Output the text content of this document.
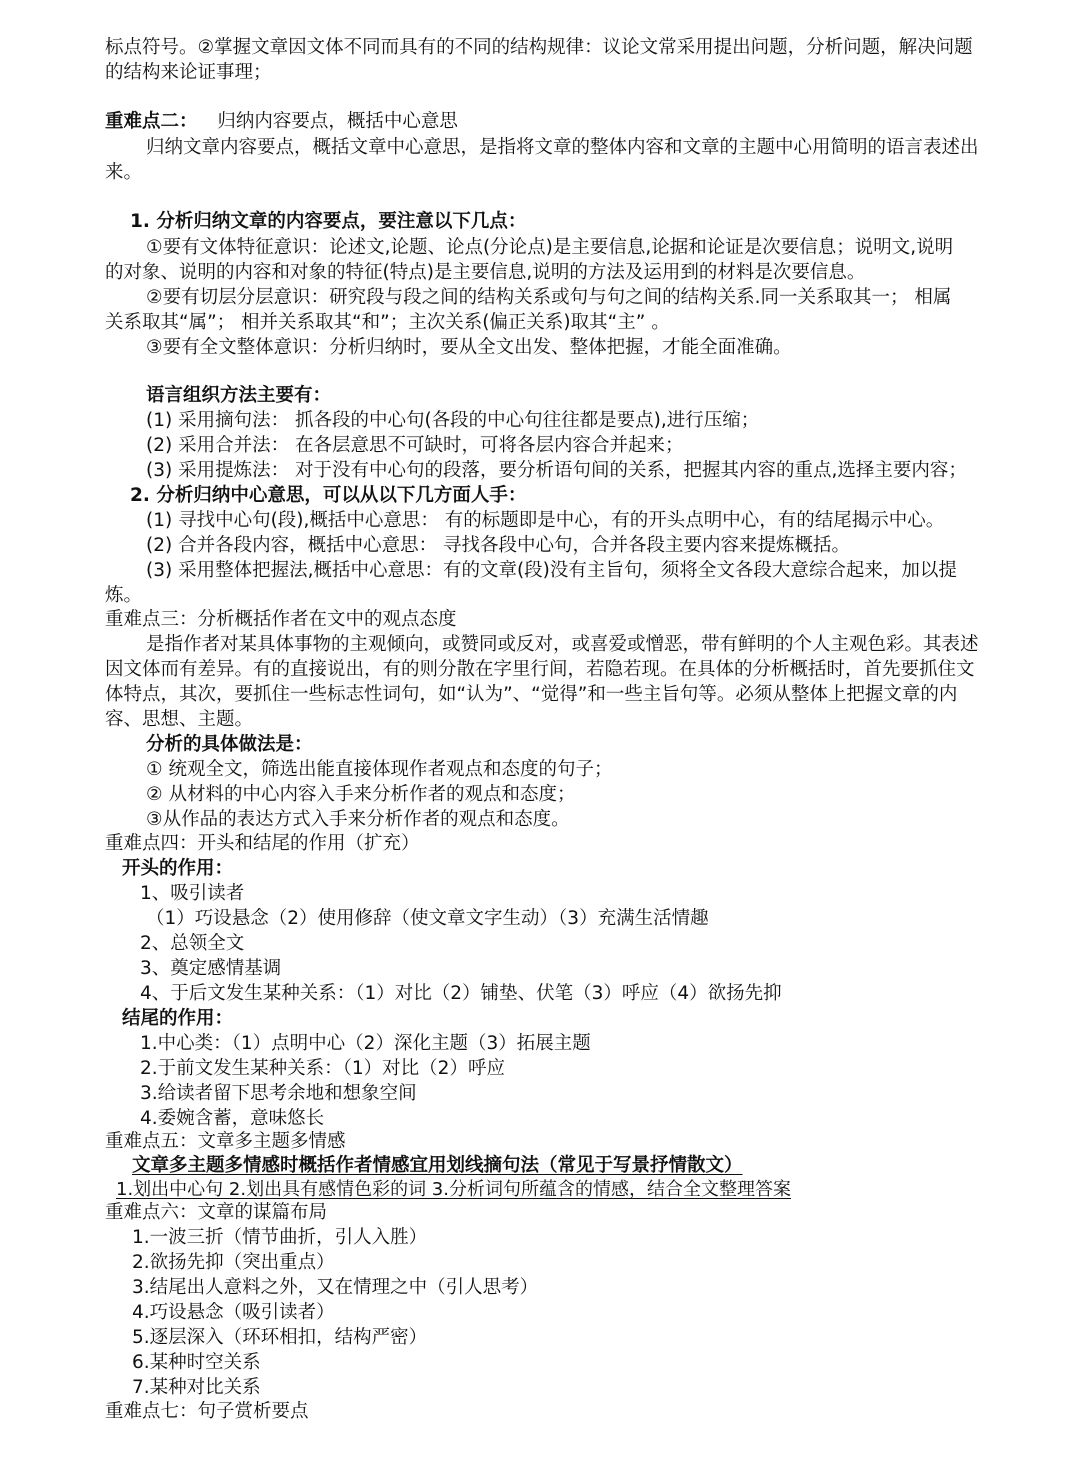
标点符号。②掌握文章因文体不同而具有的不同的结构规律：议论文常采用提出问题，分析问题，解决问题
的结构来论证事理；
重难点二： 归纳内容要点，概括中心意思
归纳文章内容要点，概括文章中心意思，是指将文章的整体内容和文章的主题中心用简明的语言表述出
来。
1. 分析归纳文章的内容要点，要注意以下几点：
①要有文体特征意识：论述文,论题、论点(分论点)是主要信息,论据和论证是次要信息；说明文,说明
的对象、说明的内容和对象的特征(特点)是主要信息,说明的方法及运用到的材料是次要信息。
②要有切层分层意识：研究段与段之间的结构关系或句与句之间的结构关系.同一关系取其一； 相属
关系取其“属”； 相并关系取其“和”；主次关系(偏正关系)取其“主” 。
③要有全文整体意识：分析归纳时，要从全文出发、整体把握，才能全面准确。
语言组织方法主要有：
(1) 采用摘句法： 抓各段的中心句(各段的中心句往往都是要点),进行压缩；
(2) 采用合并法： 在各层意思不可缺时，可将各层内容合并起来；
(3) 采用提炼法： 对于没有中心句的段落，要分析语句间的关系，把握其内容的重点,选择主要内容；
2. 分析归纳中心意思，可以从以下几方面人手：
(1) 寻找中心句(段),概括中心意思： 有的标题即是中心，有的开头点明中心，有的结尾揭示中心。
(2) 合并各段内容，概括中心意思： 寻找各段中心句，合并各段主要内容来提炼概括。
(3) 采用整体把握法,概括中心意思：有的文章(段)没有主旨句，须将全文各段大意综合起来，加以提
炼。
重难点三：分析概括作者在文中的观点态度
是指作者对某具体事物的主观倾向，或赞同或反对，或喜爱或憎恶，带有鲜明的个人主观色彩。其表述
因文体而有差异。有的直接说出，有的则分散在字里行间，若隐若现。在具体的分析概括时，首先要抓住文
体特点，其次，要抓住一些标志性词句，如“认为”、“觉得”和一些主旨句等。必须从整体上把握文章的内
容、思想、主题。
分析的具体做法是：
① 统观全文，筛选出能直接体现作者观点和态度的句子；
② 从材料的中心内容入手来分析作者的观点和态度；
③从作品的表达方式入手来分析作者的观点和态度。
重难点四：开头和结尾的作用（扩充）
开头的作用：
1、吸引读者
（1）巧设悬念（2）使用修辞（使文章文字生动）（3）充满生活情趣
2、总领全文
3、奠定感情基调
4、于后文发生某种关系：（1）对比（2）铺垫、伏笔（3）呼应（4）欲扬先抑
结尾的作用：
1.中心类：（1）点明中心（2）深化主题（3）拓展主题
2.于前文发生某种关系：（1）对比（2）呼应
3.给读者留下思考余地和想象空间
4.委婉含蓄，意味悠长
重难点五：文章多主题多情感
文章多主题多情感时概括作者情感宜用划线摘句法（常见于写景抒情散文）
1.划出中心句 2.划出具有感情色彩的词 3.分析词句所蕴含的情感，结合全文整理答案
重难点六：文章的谋篇布局
1.一波三折（情节曲折，引人入胜）
2.欲扬先抑（突出重点）
3.结尾出人意料之外，又在情理之中（引人思考）
4.巧设悬念（吸引读者）
5.逐层深入（环环相扣，结构严密）
6.某种时空关系
7.某种对比关系
重难点七：句子赏析要点
